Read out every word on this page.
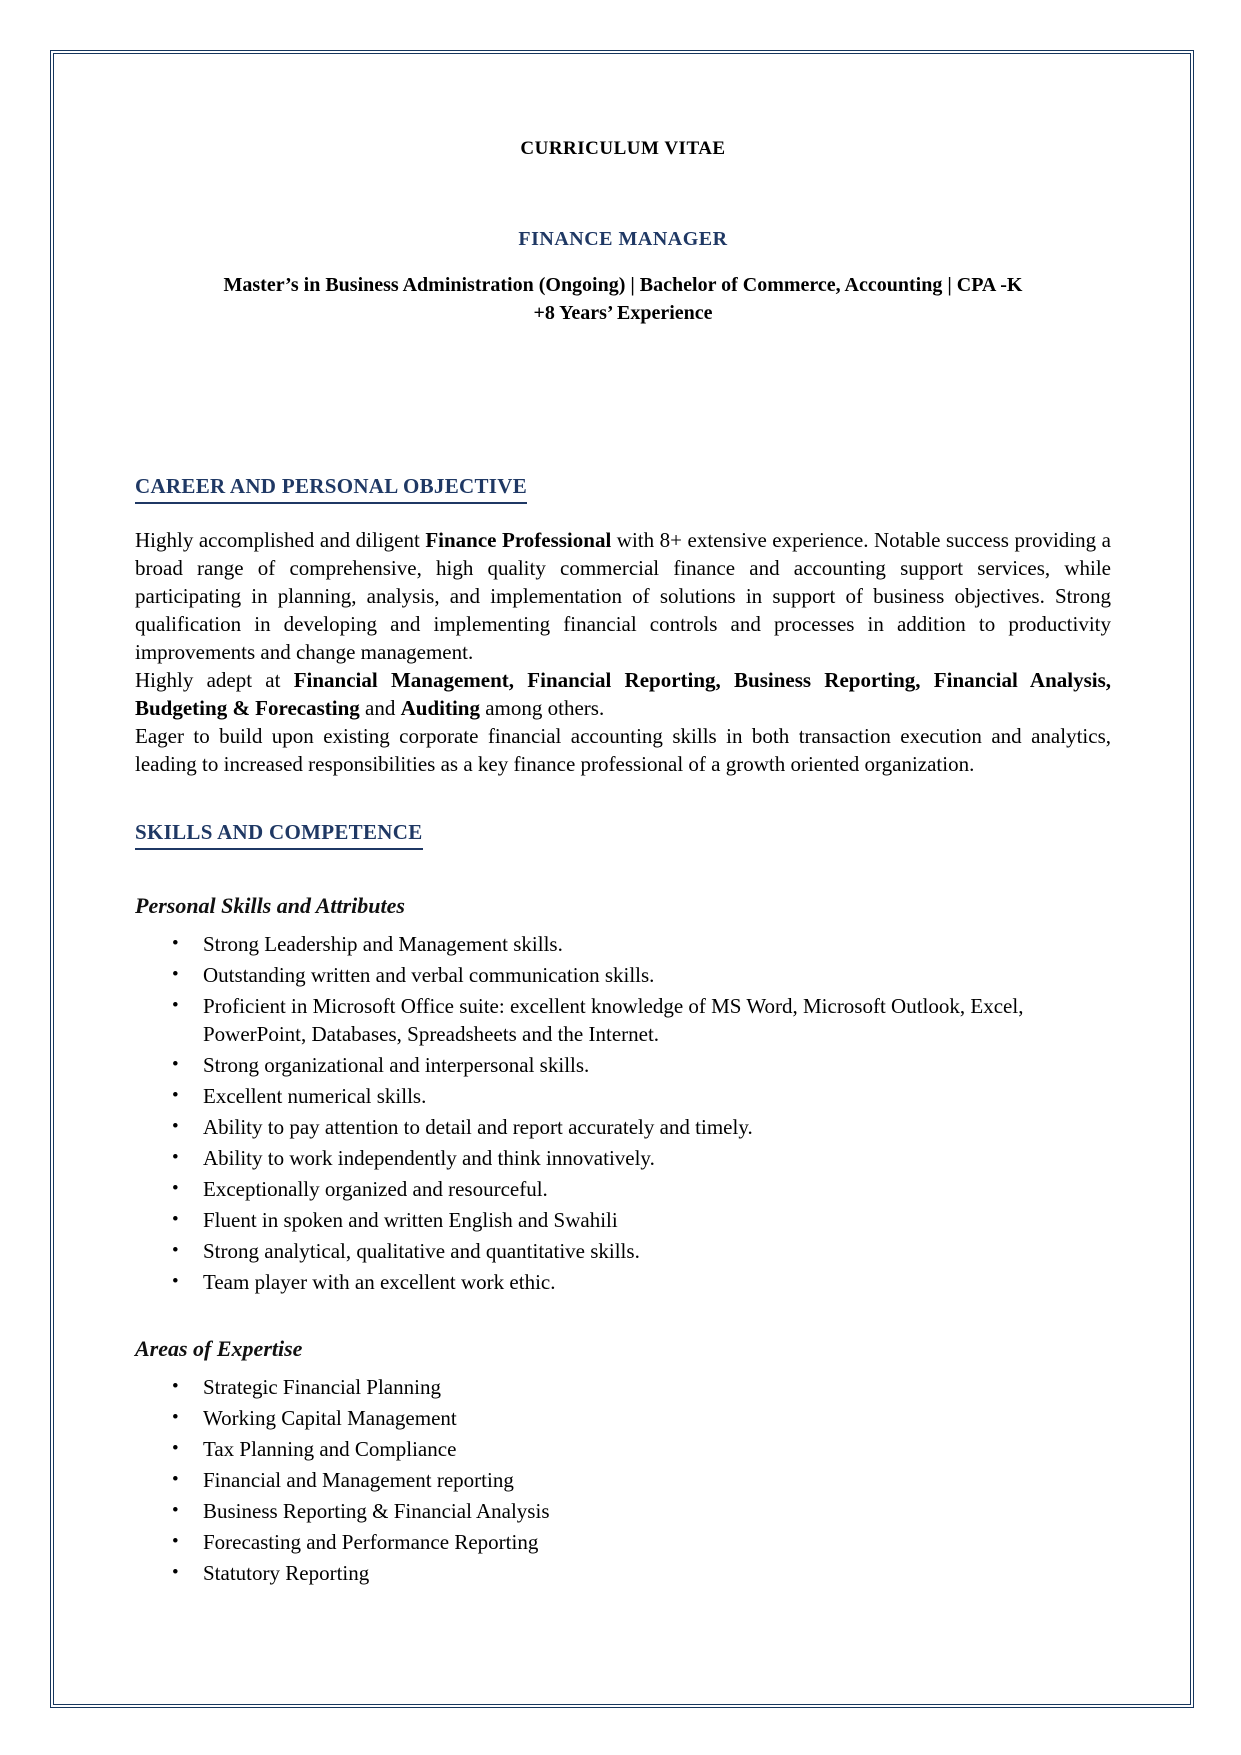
CURRICULUM VITAE
FINANCE MANAGER
Master’s in Business Administration (Ongoing) | Bachelor of Commerce, Accounting | CPA -K
+8 Years’ Experience
CAREER AND PERSONAL OBJECTIVE

Highly accomplished and diligent Finance Professional with 8+ extensive experience. Notable success providing a broad range of comprehensive, high quality commercial finance and accounting support services, while participating in planning, analysis, and implementation of solutions in support of business objectives. Strong qualification in developing and implementing financial controls and processes in addition to productivity improvements and change management.

Highly adept at Financial Management, Financial Reporting, Business Reporting, Financial Analysis, Budgeting & Forecasting and Auditing among others.

Eager to build upon existing corporate financial accounting skills in both transaction execution and analytics, leading to increased responsibilities as a key finance professional of a growth oriented organization.

SKILLS AND COMPETENCE
Personal Skills and Attributes
•	Strong Leadership and Management skills.
•	Outstanding written and verbal communication skills.
•	Proficient in Microsoft Office suite: excellent knowledge of MS Word, Microsoft Outlook, Excel, PowerPoint, Databases, Spreadsheets and the Internet.
•	Strong organizational and interpersonal skills.
•	Excellent numerical skills.
•	Ability to pay attention to detail and report accurately and timely.
•	Ability to work independently and think innovatively.
•	Exceptionally organized and resourceful.
•	Fluent in spoken and written English and Swahili
•	Strong analytical, qualitative and quantitative skills.
•	Team player with an excellent work ethic.
Areas of Expertise
•	Strategic Financial Planning
•	Working Capital Management
•	Tax Planning and Compliance
•	Financial and Management reporting
•	Business Reporting & Financial Analysis
•	Forecasting and Performance Reporting
•	Statutory Reporting
